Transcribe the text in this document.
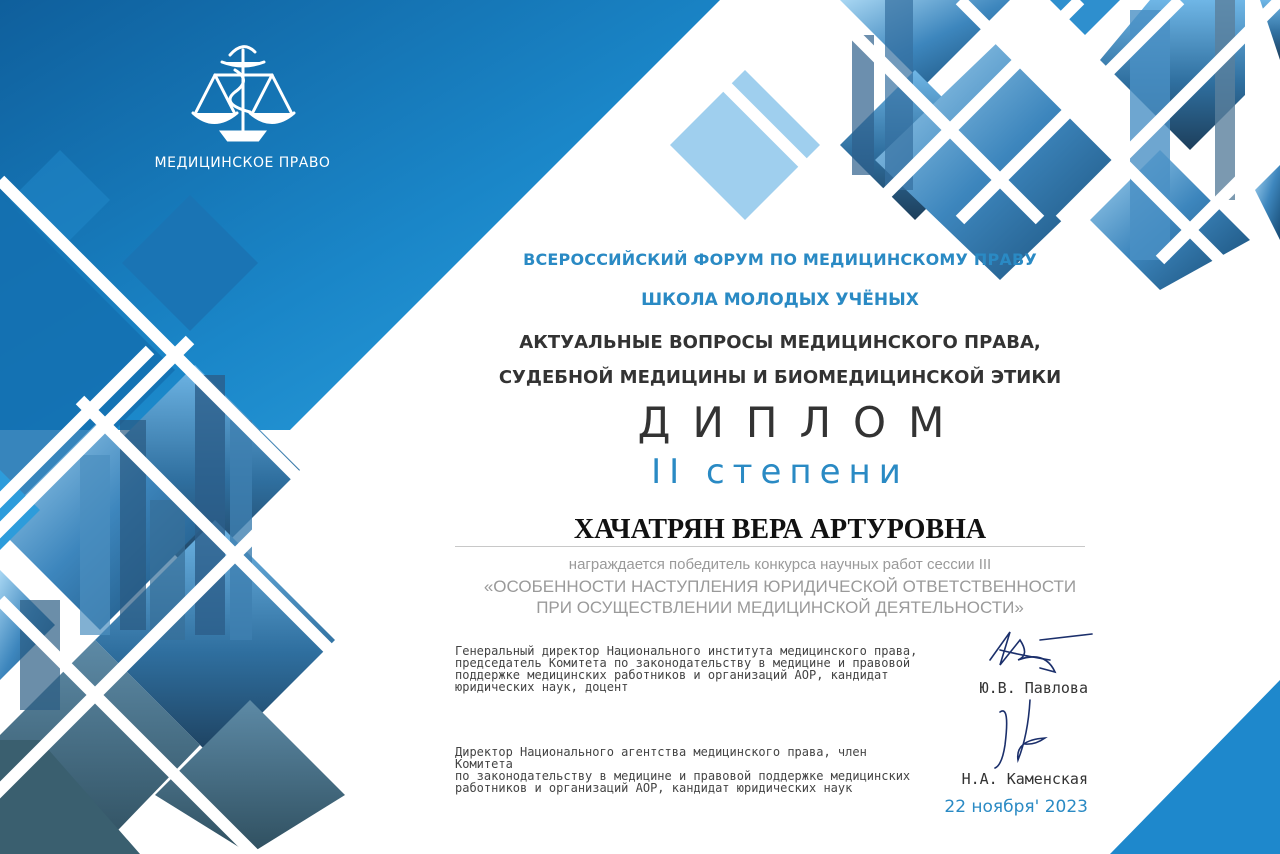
МЕДИЦИНСКОЕ ПРАВО
ВСЕРОССИЙСКИЙ ФОРУМ ПО МЕДИЦИНСКОМУ ПРАВУ
ШКОЛА МОЛОДЫХ УЧЁНЫХ
АКТУАЛЬНЫЕ ВОПРОСЫ МЕДИЦИНСКОГО ПРАВА,
СУДЕБНОЙ МЕДИЦИНЫ И БИОМЕДИЦИНСКОЙ ЭТИКИ
ДИПЛОМ
II степени
ХАЧАТРЯН ВЕРА АРТУРОВНА
награждается победитель конкурса научных работ сессии III
«ОСОБЕННОСТИ НАСТУПЛЕНИЯ ЮРИДИЧЕСКОЙ ОТВЕТСТВЕННОСТИ
ПРИ ОСУЩЕСТВЛЕНИИ МЕДИЦИНСКОЙ ДЕЯТЕЛЬНОСТИ»
Генеральный директор Национального института медицинского права,
председатель Комитета по законодательству в медицине и правовой
поддержке медицинских работников и организаций АОР, кандидат
юридических наук, доцент	Ю.В. Павлова
Директор Национального агентства медицинского права, член Комитета
по законодательству в медицине и правовой поддержке медицинских
работников и организаций АОР, кандидат юридических наук	Н.А. Каменская
22 ноября' 2023
